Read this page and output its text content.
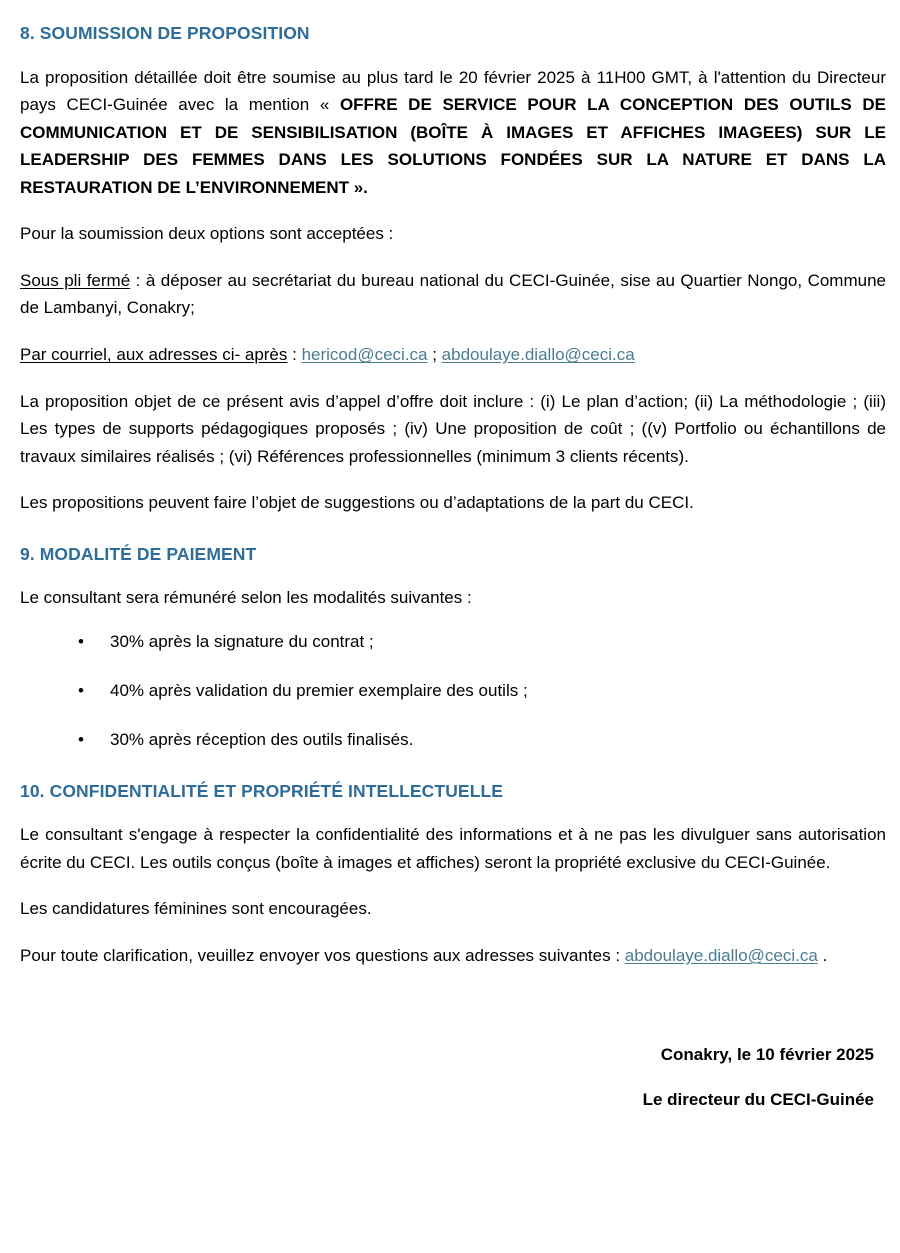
8. SOUMISSION DE PROPOSITION

La proposition détaillée doit être soumise au plus tard le 20 février 2025 à 11H00 GMT, à l'attention du Directeur pays CECI-Guinée avec la mention « OFFRE DE SERVICE POUR LA CONCEPTION DES OUTILS DE COMMUNICATION ET DE SENSIBILISATION (BOÎTE À IMAGES ET AFFICHES IMAGEES) SUR LE LEADERSHIP DES FEMMES DANS LES SOLUTIONS FONDÉES SUR LA NATURE ET DANS LA RESTAURATION DE L’ENVIRONNEMENT ».

Pour la soumission deux options sont acceptées :

Sous pli fermé : à déposer au secrétariat du bureau national du CECI-Guinée, sise au Quartier Nongo, Commune de Lambanyi, Conakry;

Par courriel, aux adresses ci- après : hericod@ceci.ca ; abdoulaye.diallo@ceci.ca

La proposition objet de ce présent avis d’appel d’offre doit inclure : (i) Le plan d’action; (ii) La méthodologie ; (iii) Les types de supports pédagogiques proposés ; (iv) Une proposition de coût ; ((v) Portfolio ou échantillons de travaux similaires réalisés ; (vi) Références professionnelles (minimum 3 clients récents).

Les propositions peuvent faire l’objet de suggestions ou d’adaptations de la part du CECI.

9. MODALITÉ DE PAIEMENT

Le consultant sera rémunéré selon les modalités suivantes :

• 30% après la signature du contrat ;
• 40% après validation du premier exemplaire des outils ;
• 30% après réception des outils finalisés.
10. CONFIDENTIALITÉ ET PROPRIÉTÉ INTELLECTUELLE

Le consultant s'engage à respecter la confidentialité des informations et à ne pas les divulguer sans autorisation écrite du CECI. Les outils conçus (boîte à images et affiches) seront la propriété exclusive du CECI-Guinée.

Les candidatures féminines sont encouragées.

Pour toute clarification, veuillez envoyer vos questions aux adresses suivantes : abdoulaye.diallo@ceci.ca .

Conakry, le 10 février 2025
Le directeur du CECI-Guinée
